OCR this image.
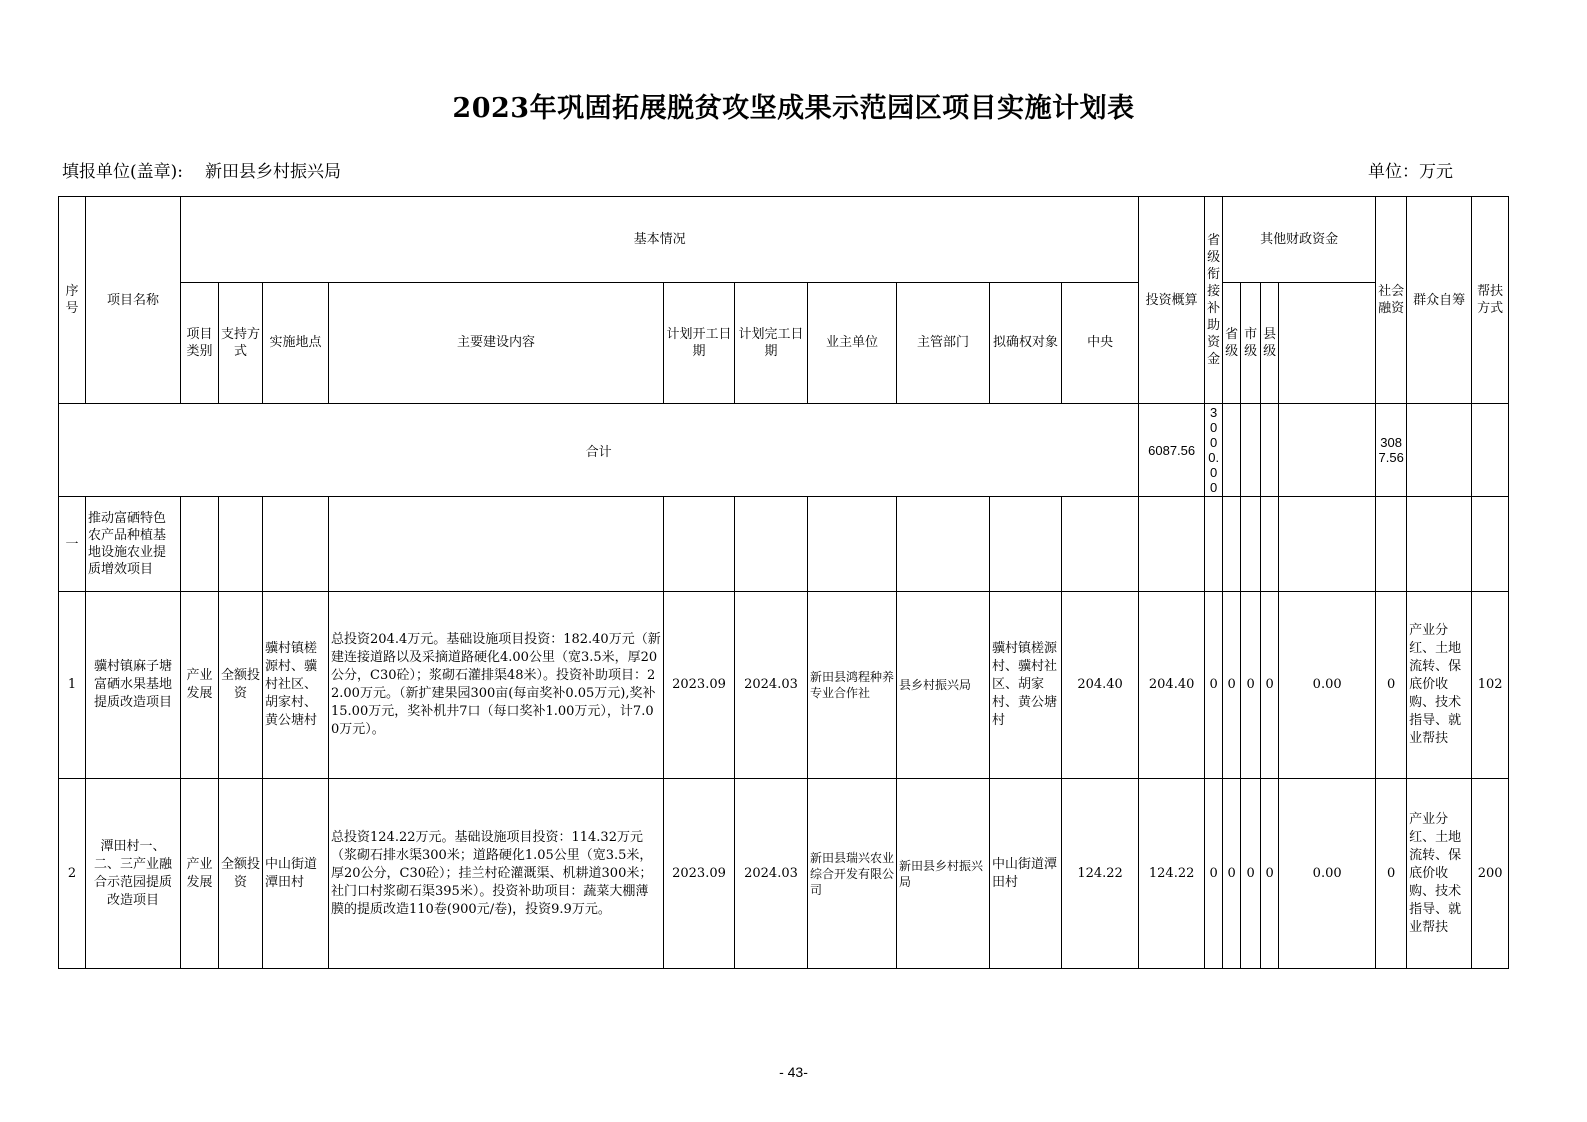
2023年巩固拓展脱贫攻坚成果示范园区项目实施计划表
填报单位(盖章): 新田县乡村振兴局	单位：万元
序号	项目名称	基本情况										投资概算	省级衔接补助资金	其他财政资金				社会融资	群众自筹	帮扶方式	
		项目类别	支持方式	实施地点	主要建设内容	计划开工日期	计划完工日期	业主单位	主管部门	拟确权对象	中央			省级	市级	县级					
合计												6087.56	3000.00					3087.56			
一	推动富硒特色农产品种植基地设施农业提质增效项目																				
1	骥村镇麻子塘富硒水果基地提质改造项目	产业发展	全额投资	骥村镇槎源村、骥村社区、胡家村、黄公塘村	总投资204.4万元。基础设施项目投资：182.40万元（新建连接道路以及采摘道路硬化4.00公里（宽3.5米，厚20公分，C30砼）；浆砌石灌排渠48米）。投资补助项目：22.00万元。（新扩建果园300亩(每亩奖补0.05万元),奖补15.00万元，奖补机井7口（每口奖补1.00万元），计7.00万元）。	2023.09	2024.03	新田县鸿程种养专业合作社	县乡村振兴局	骥村镇槎源村、骥村社区、胡家村、黄公塘村	204.40	204.40	0	0	0	0	0.00	0	产业分红、土地流转、保底价收购、技术指导、就业帮扶	102	
2	潭田村一、二、三产业融合示范园提质改造项目	产业发展	全额投资	中山街道潭田村	总投资124.22万元。基础设施项目投资：114.32万元（浆砌石排水渠300米；道路硬化1.05公里（宽3.5米，厚20公分，C30砼）；挂兰村砼灌溉渠、机耕道300米；社门口村浆砌石渠395米）。投资补助项目：蔬菜大棚薄膜的提质改造110卷(900元/卷)，投资9.9万元。	2023.09	2024.03	新田县瑞兴农业综合开发有限公司	新田县乡村振兴局	中山街道潭田村	124.22	124.22	0	0	0	0	0.00	0	产业分红、土地流转、保底价收购、技术指导、就业帮扶	200	
- 43-
